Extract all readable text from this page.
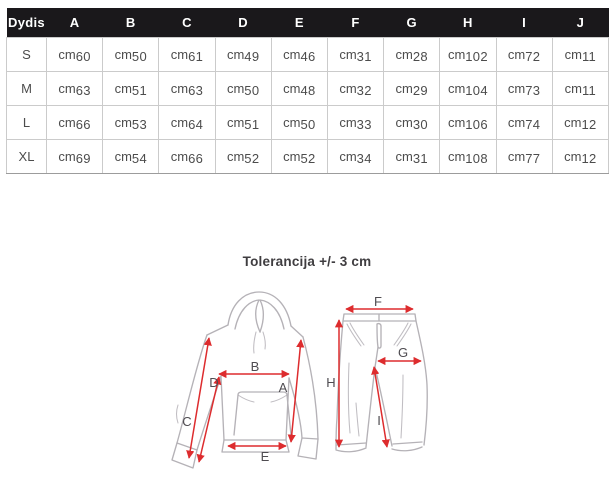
Dydis	A	B	C	D	E	F	G	H	I	J
S	cm60	cm50	cm61	cm49	cm46	cm31	cm28	cm102	cm72	cm11
M	cm63	cm51	cm63	cm50	cm48	cm32	cm29	cm104	cm73	cm11
L	cm66	cm53	cm64	cm51	cm50	cm33	cm30	cm106	cm74	cm12
XL	cm69	cm54	cm66	cm52	cm52	cm34	cm31	cm108	cm77	cm12
Tolerancija +/- 3 cm
B
D	A
C
E
F
G
H
I
